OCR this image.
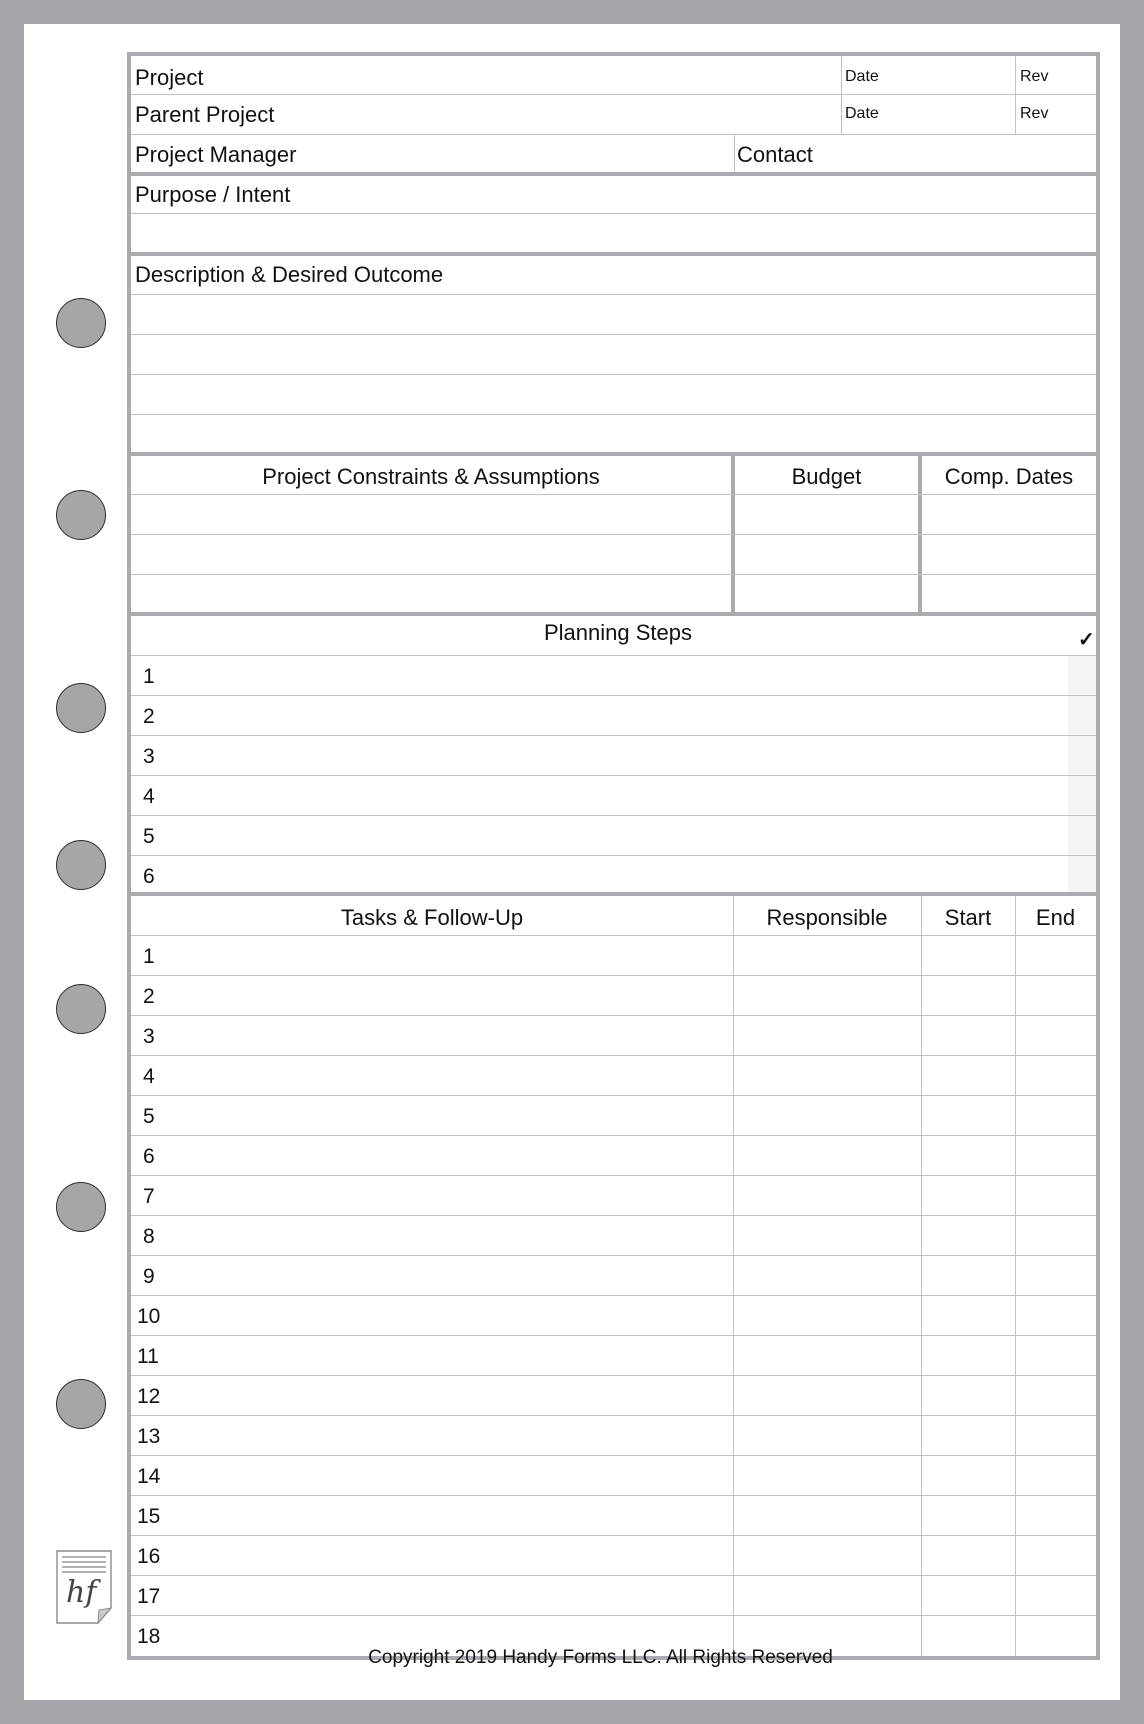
hf
Project	Date	Rev
Parent Project	Date	Rev
Project Manager	Contact
Purpose / Intent
Description & Desired Outcome
Project Constraints & Assumptions	Budget	Comp. Dates
Planning Steps	✓
1
2
3
4
5
6
Tasks & Follow-Up	Responsible	Start	End
1
2
3
4
5
6
7
8
9
10
11
12
13
14
15
16
17
18
Copyright 2019 Handy Forms LLC. All Rights Reserved
